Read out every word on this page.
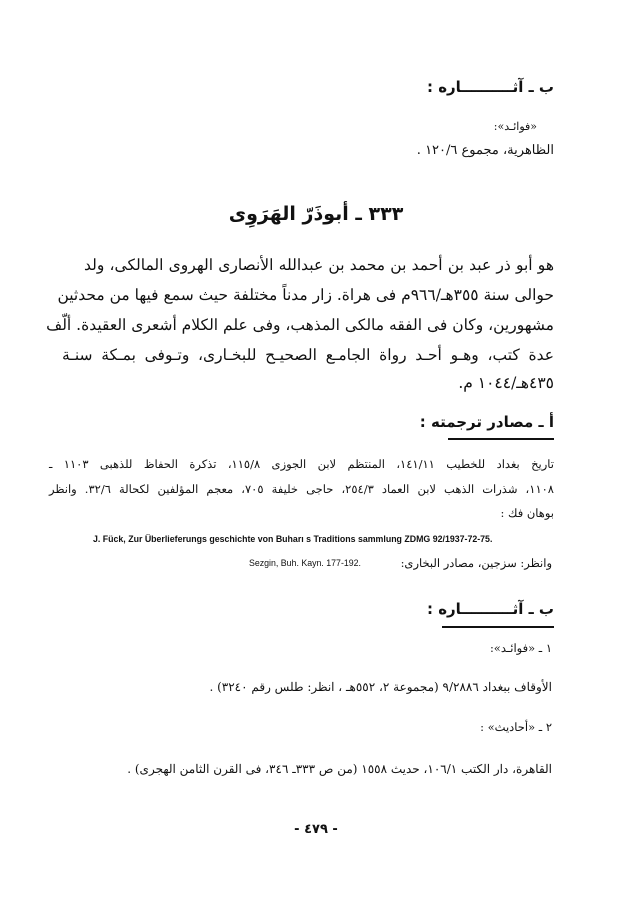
ب ـ آثــــــــــاره :
«فوائـد»:
الظاهرية، مجموع ١٢٠/٦ .
٣٣٣ ـ أبوذَرّ الهَرَوِى
هو أبو ذر عبد بن أحمد بن محمد بن عبدالله الأنصارى الهروى المالكى، ولد
حوالى سنة ٣٥٥هـ/٩٦٦م فى هراة. زار مدناً مختلفة حيث سمع فيها من محدثين
مشهورين، وكان فى الفقه مالكى المذهب، وفى علم الكلام أشعرى العقيدة. ألّف
عدة كتب، وهـو أحـد رواة الجامـع الصحيـح للبخـارى، وتـوفى بمـكة سنـة
٤٣٥هـ/١٠٤٤ م.
أ ـ مصادر ترجمته :
تاريخ بغداد للخطيب ١٤١/١١، المنتظم لابن الجوزى ١١٥/٨، تذكرة الحفاظ للذهبى ١١٠٣ ـ
١١٠٨، شذرات الذهب لابن العماد ٢٥٤/٣، حاجى خليفة ٧٠٥، معجم المؤلفين لكحالة ٣٢/٦. وانظر
بوهان فك :
J. Fück, Zur Überlieferungs geschichte von Buharı s Traditions sammlung ZDMG 92/1937-72-75.
وانظر: سزجين، مصادر البخارى:
Sezgin, Buh. Kayn. 177-192.
ب ـ آثــــــــــاره :
١ ـ «فوائـد»:
الأوقاف ببغداد ٩/٢٨٨٦ (مجموعة ٢، ٥٥٢هـ ، انظر: طلس رقم ٣٢٤٠) .
٢ ـ «أحاديث» :
القاهرة، دار الكتب ١٠٦/١، حديث ١٥٥٨ (من ص ٣٣٣ـ ٣٤٦، فى القرن الثامن الهجرى) .
- ٤٧٩ -
